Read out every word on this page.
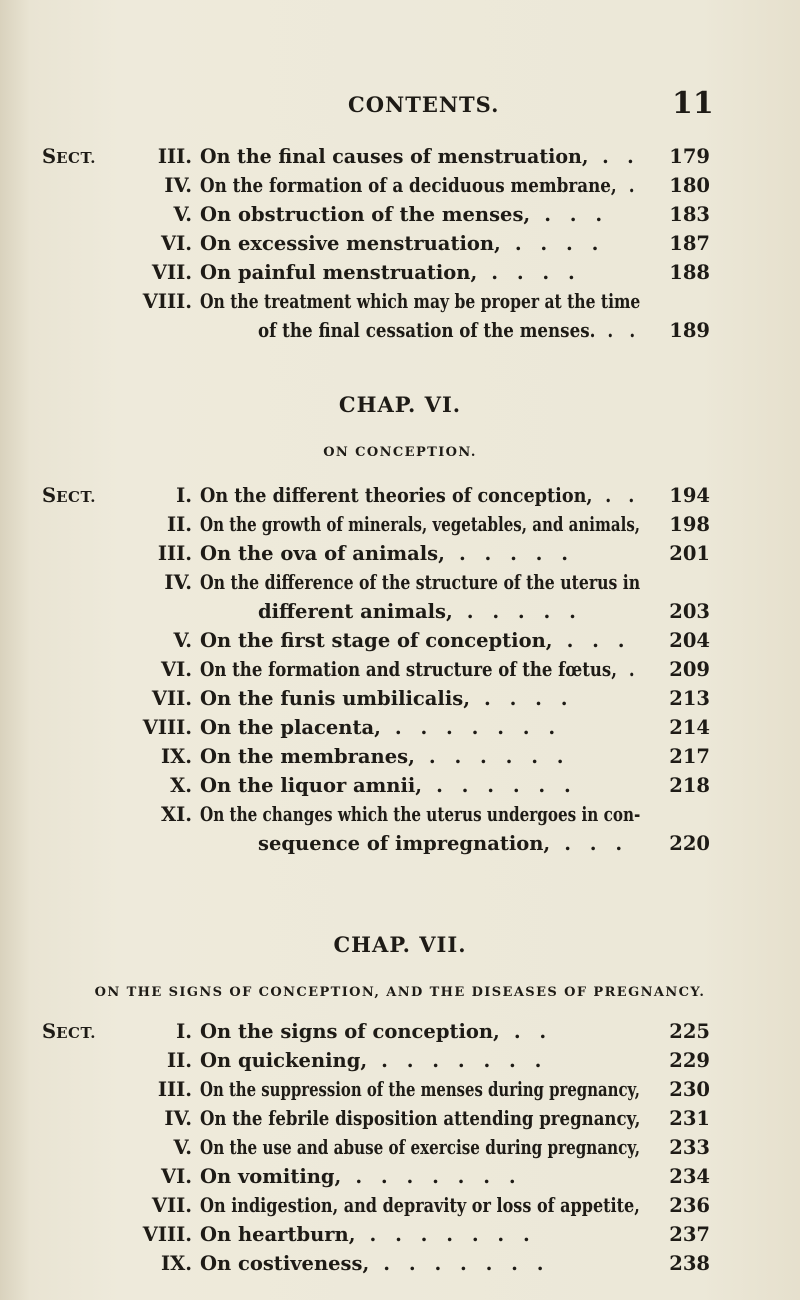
CONTENTS.	11
SECT.	III. On the final causes of menstruation, . .	179
IV. On the formation of a deciduous membrane, .	180
V. On obstruction of the menses, . . .	183
VI. On excessive menstruation, . . . .	187
VII. On painful menstruation, . . . .	188
VIII. On the treatment which may be proper at the time
of the final cessation of the menses. . .	189
CHAP. VI.
ON CONCEPTION.
SECT.	I. On the different theories of conception, . .	194
II. On the growth of minerals, vegetables, and animals,	198
III. On the ova of animals, . . . . .	201
IV. On the difference of the structure of the uterus in
different animals, . . . . .	203
V. On the first stage of conception, . . .	204
VI. On the formation and structure of the fœtus, .	209
VII. On the funis umbilicalis, . . . .	213
VIII. On the placenta, . . . . . . .	214
IX. On the membranes, . . . . . .	217
X. On the liquor amnii, . . . . . .	218
XI. On the changes which the uterus undergoes in con-
sequence of impregnation, . . .	220
CHAP. VII.
ON THE SIGNS OF CONCEPTION, AND THE DISEASES OF PREGNANCY.
SECT.	I. On the signs of conception, . .	225
II. On quickening, . . . . . . .	229
III. On the suppression of the menses during pregnancy,	230
IV. On the febrile disposition attending pregnancy,	231
V. On the use and abuse of exercise during pregnancy,	233
VI. On vomiting, . . . . . . .	234
VII. On indigestion, and depravity or loss of appetite,	236
VIII. On heartburn, . . . . . . .	237
IX. On costiveness, . . . . . . .	238
